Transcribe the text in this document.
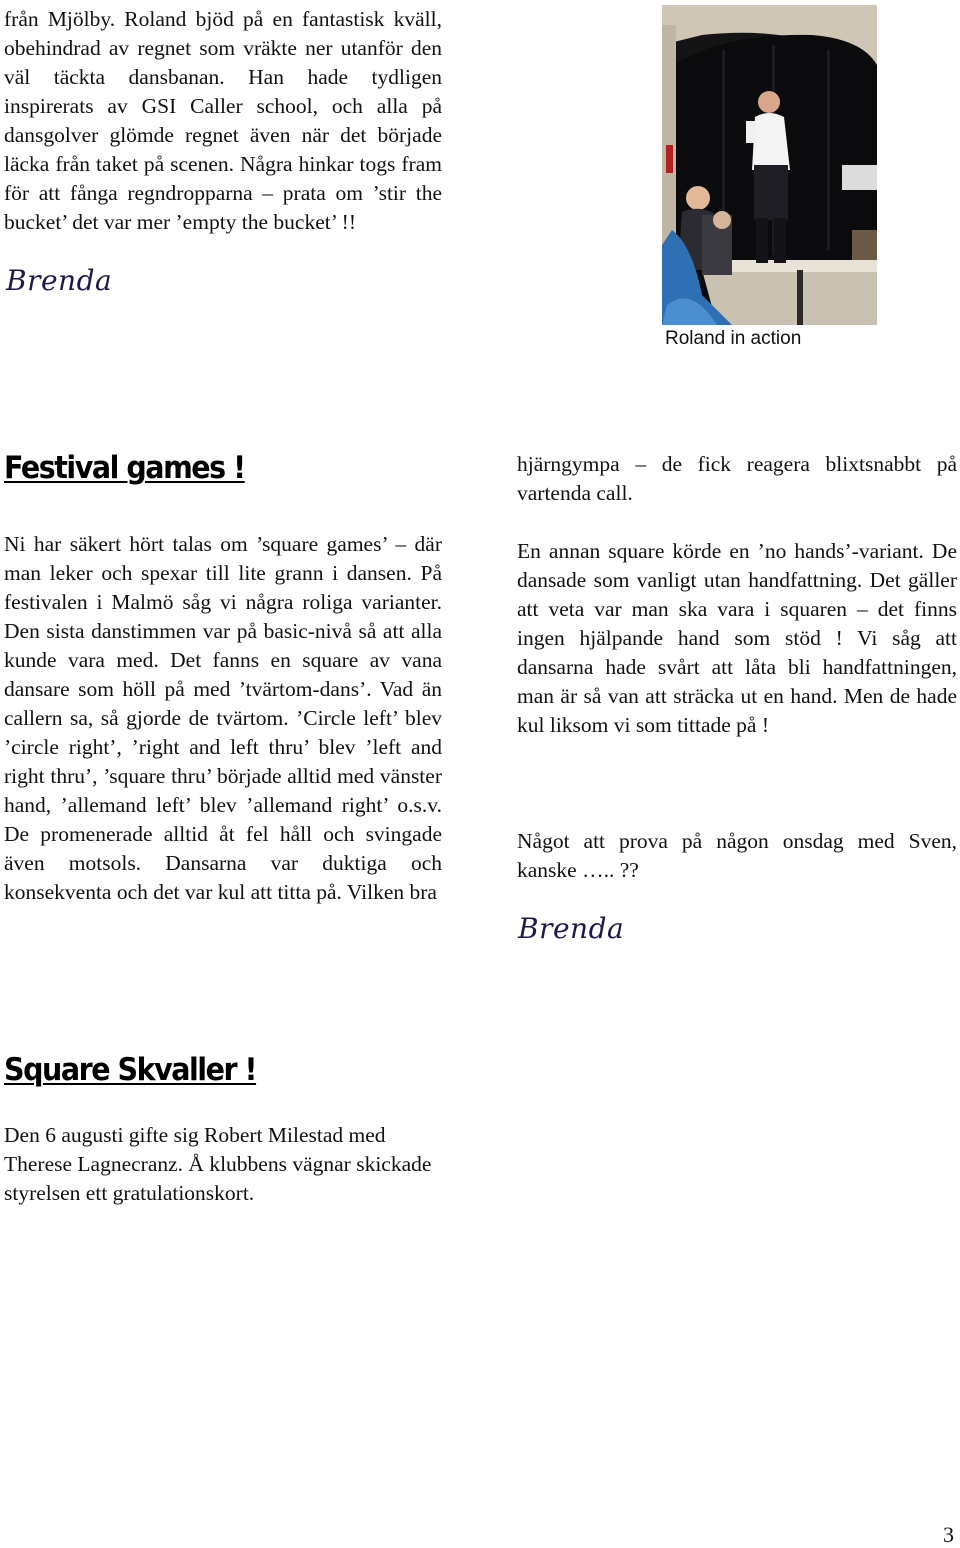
från Mjölby. Roland bjöd på en fantastisk kväll, obehindrad av regnet som vräkte ner utanför den väl täckta dansbanan. Han hade tydligen inspirerats av GSI Caller school, och alla på dansgolver glömde regnet även när det började läcka från taket på scenen. Några hinkar togs fram för att fånga regndropparna – prata om ’stir the bucket’ det var mer ’empty the bucket’ !!

Brenda
Roland in action
Festival games !

Ni har säkert hört talas om ’square games’ – där man leker och spexar till lite grann i dansen. På festivalen i Malmö såg vi några roliga varianter. Den sista danstimmen var på basic-nivå så att alla kunde vara med. Det fanns en square av vana dansare som höll på med ’tvärtom-dans’. Vad än callern sa, så gjorde de tvärtom. ’Circle left’ blev ’circle right’, ’right and left thru’ blev ’left and right thru’, ’square thru’ började alltid med vänster hand, ’allemand left’ blev ’allemand right’ o.s.v. De promenerade alltid åt fel håll och svingade även motsols. Dansarna var duktiga och konsekventa och det var kul att titta på. Vilken bra

hjärngympa – de fick reagera blixtsnabbt på vartenda call.

En annan square körde en ’no hands’-variant. De dansade som vanligt utan handfattning. Det gäller att veta var man ska vara i squaren – det finns ingen hjälpande hand som stöd ! Vi såg att dansarna hade svårt att låta bli handfattningen, man är så van att sträcka ut en hand. Men de hade kul liksom vi som tittade på !

Något att prova på någon onsdag med Sven, kanske ….. ??

Brenda
Square Skvaller !

Den 6 augusti gifte sig Robert Milestad med Therese Lagnecranz. Å klubbens vägnar skickade styrelsen ett gratulationskort.

3
